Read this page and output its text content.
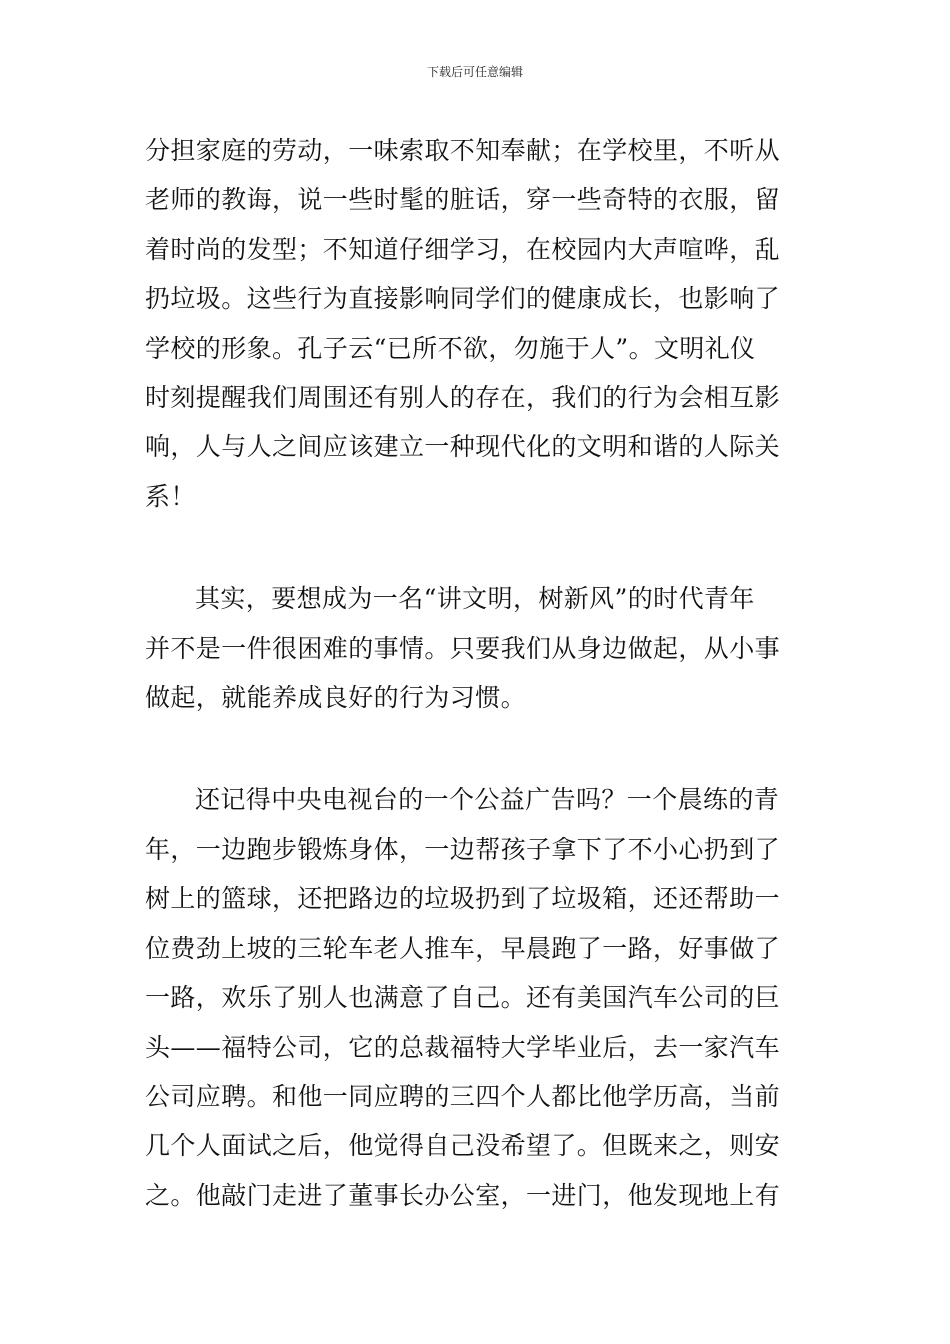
下载后可任意编辑

分担家庭的劳动，一味索取不知奉献；在学校里，不听从
老师的教诲，说一些时髦的脏话，穿一些奇特的衣服，留
着时尚的发型；不知道仔细学习，在校园内大声喧哗，乱
扔垃圾。这些行为直接影响同学们的健康成长，也影响了
学校的形象。孔子云“已所不欲，勿施于人”。文明礼仪
时刻提醒我们周围还有别人的存在，我们的行为会相互影
响，人与人之间应该建立一种现代化的文明和谐的人际关
系！

其实，要想成为一名“讲文明，树新风”的时代青年
并不是一件很困难的事情。只要我们从身边做起，从小事
做起，就能养成良好的行为习惯。

还记得中央电视台的一个公益广告吗？一个晨练的青
年，一边跑步锻炼身体，一边帮孩子拿下了不小心扔到了
树上的篮球，还把路边的垃圾扔到了垃圾箱，还还帮助一
位费劲上坡的三轮车老人推车，早晨跑了一路，好事做了
一路，欢乐了别人也满意了自己。还有美国汽车公司的巨
头——福特公司，它的总裁福特大学毕业后，去一家汽车
公司应聘。和他一同应聘的三四个人都比他学历高，当前
几个人面试之后，他觉得自己没希望了。但既来之，则安
之。他敲门走进了董事长办公室，一进门，他发现地上有
